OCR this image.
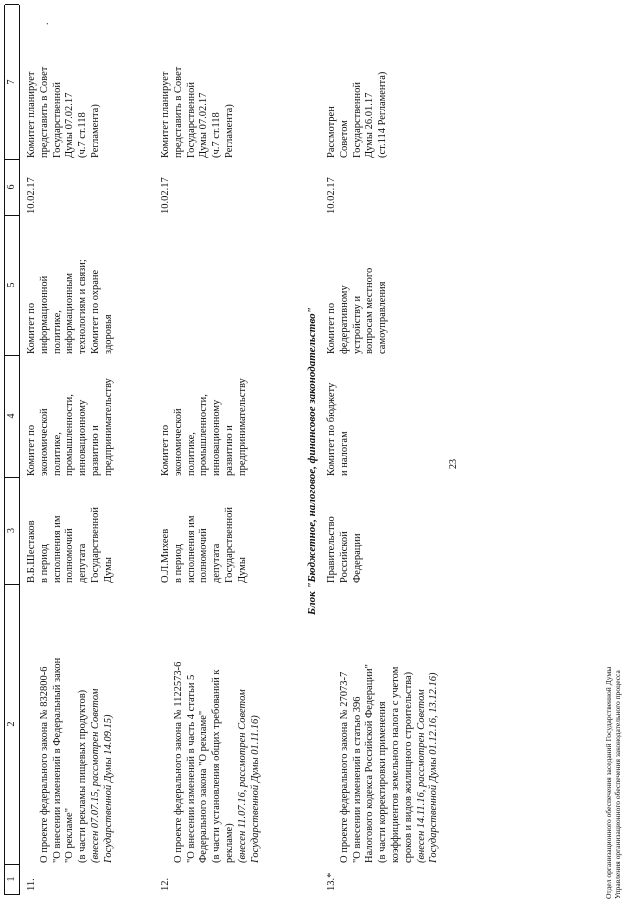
.
1
2
3
4
5
6
7
11.

О проекте федерального закона № 832800-6
"О внесении изменений в Федеральный закон
"О рекламе"
(в части рекламы пищевых продуктов)

(внесен 07.07.15, рассмотрен Советом
Государственной Думы 14.09.15)

В.Б.Шестаков
в период
исполнения им
полномочий
депутата
Государственной
Думы
Комитет по
экономической
политике,
промышленности,
инновационному
развитию и
предпринимательству
Комитет по
информационной
политике,
информационным
технологиям и связи;
Комитет по охране
здоровья
10.02.17
Комитет планирует
представить в Совет
Государственной
Думы 07.02.17
(ч.7 ст.118
Регламента)
12.

О проекте федерального закона № 1122573-6
"О внесении изменений в часть 4 статьи 5
Федерального закона "О рекламе"
(в части установления общих требований к
рекламе) (внесен 11.07.16, рассмотрен Советом
Государственной Думы 01.11.16)

О.Л.Михеев
в период
исполнения им
полномочий
депутата
Государственной
Думы
Комитет по
экономической
политике,
промышленности,
инновационному
развитию и
предпринимательству
10.02.17
Комитет планирует
представить в Совет
Государственной
Думы 07.02.17
(ч.7 ст.118
Регламента)
Блок "Бюджетное, налоговое, финансовое законодательство"
13.*

О проекте федерального закона № 27073-7
"О внесении изменений в статью 396
Налогового кодекса Российской Федерации"
(в части корректировки применения
коэффициентов земельного налога с учетом
сроков и видов жилищного строительства)

(внесен 14.11.16, рассмотрен Советом
Государственной Думы 01.12.16, 13.12.16)

Правительство
Российской
Федерации
Комитет по бюджету
и налогам
Комитет по
федеративному
устройству и
вопросам местного
самоуправления
10.02.17
Рассмотрен
Советом
Государственной
Думы 26.01.17
(ст.114 Регламента)
23
Отдел организационного обеспечения заседаний Государственной Думы Управления организационного обеспечения законодательного процесса
